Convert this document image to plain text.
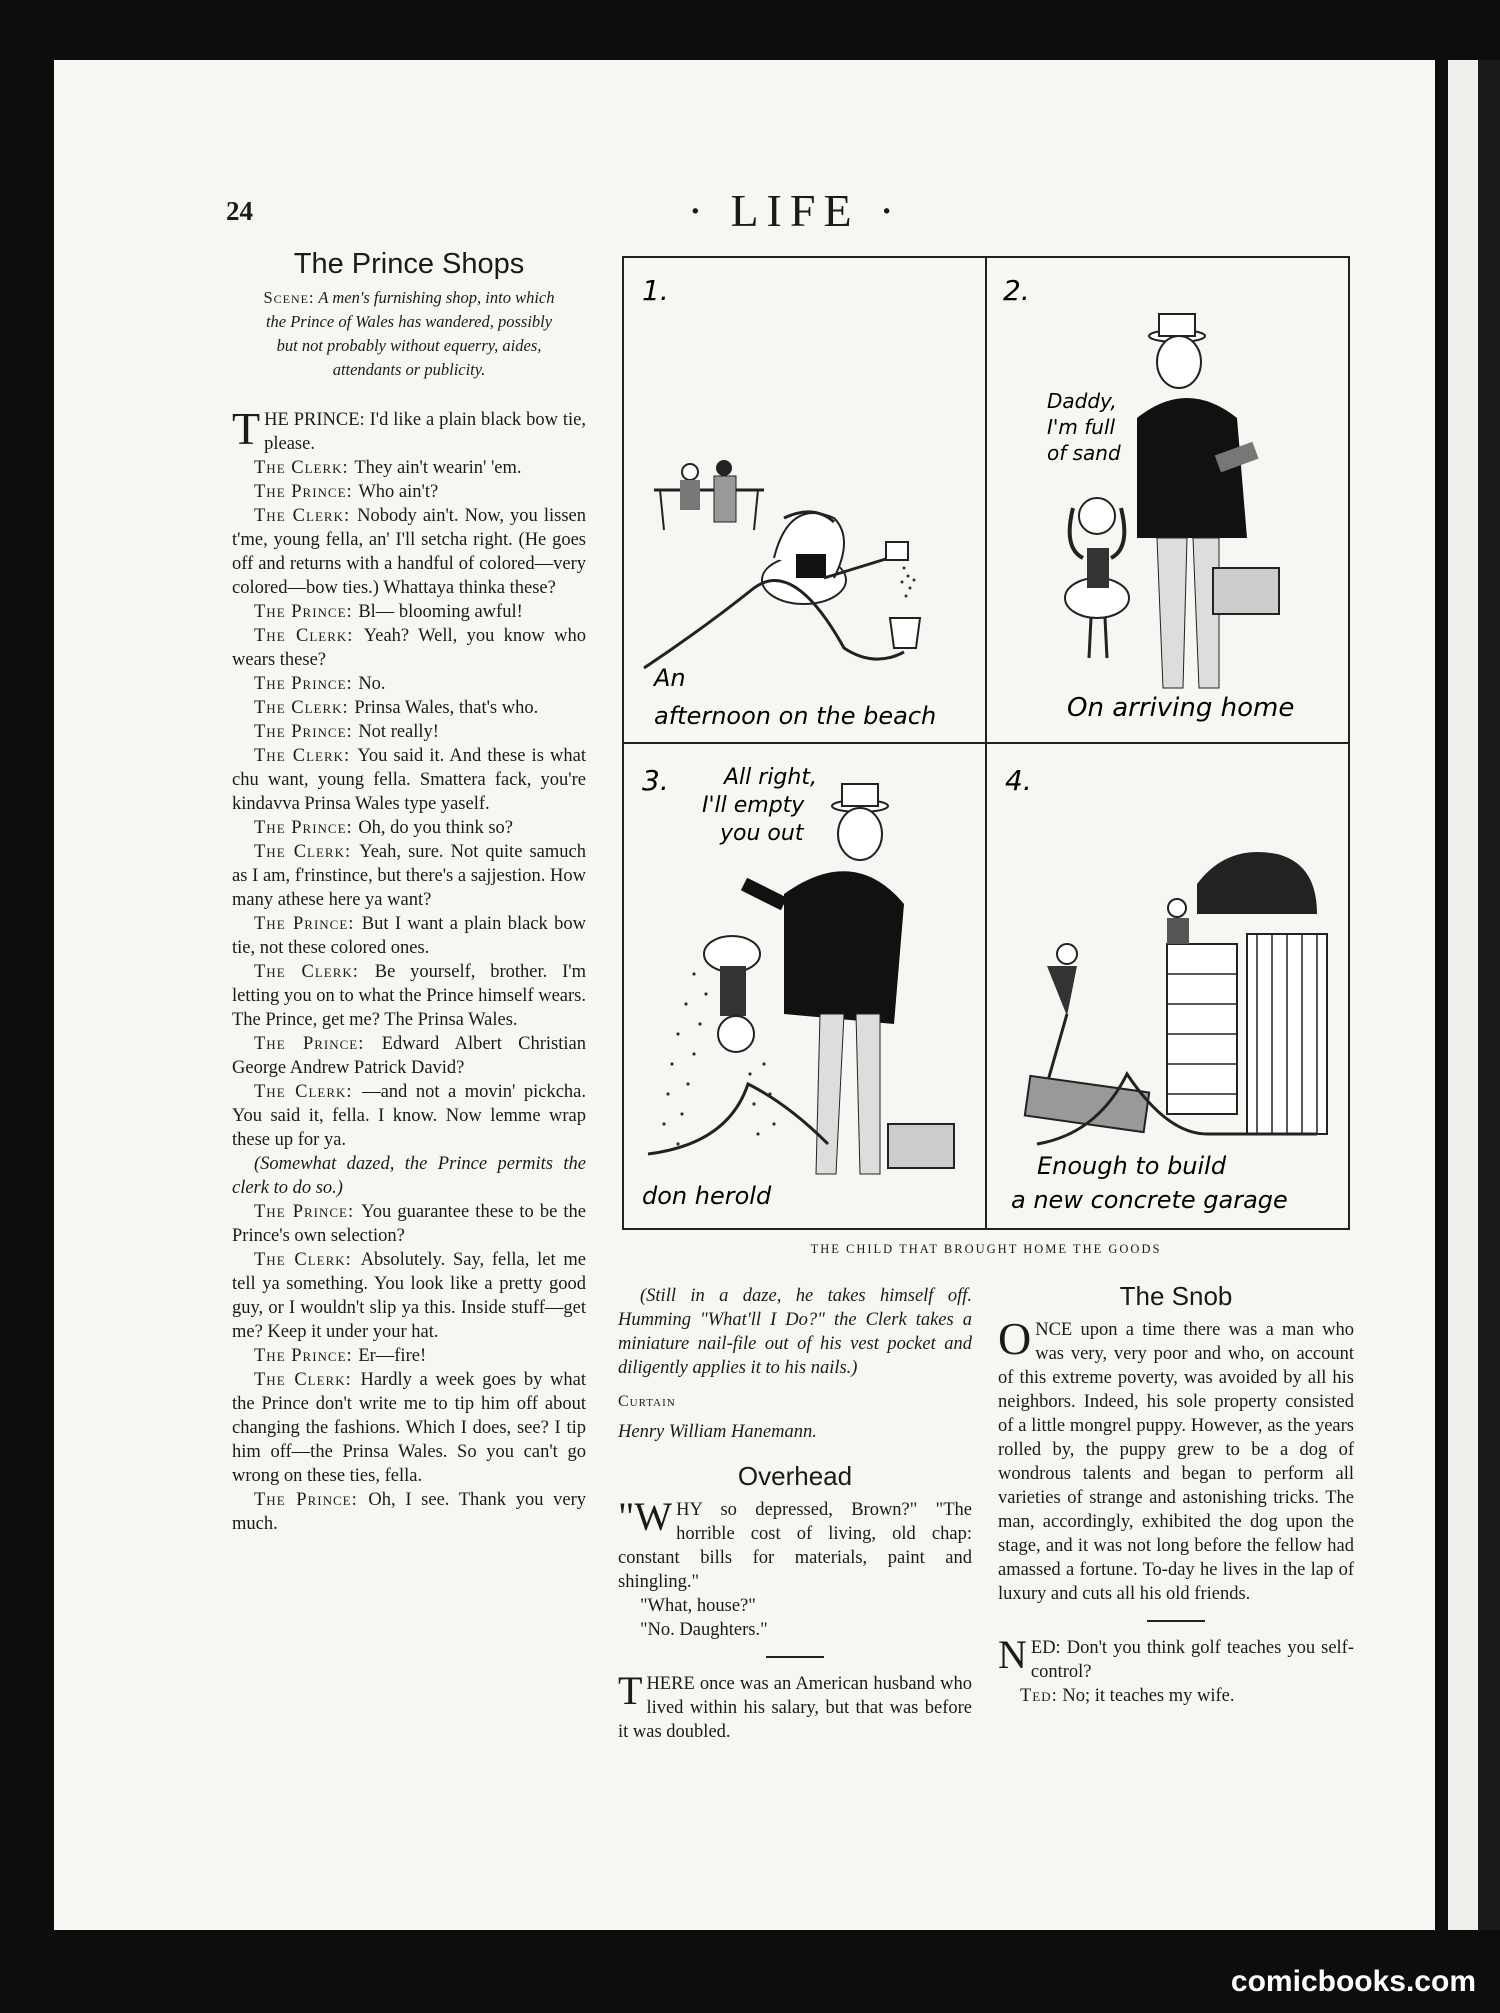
24	· LIFE ·
The Prince Shops
Scene: A men's furnishing shop, into which the Prince of Wales has wandered, possibly but not probably without equerry, aides, attendants or publicity.

THE PRINCE: I'd like a plain black bow tie, please.

The Clerk: They ain't wearin' 'em.

The Prince: Who ain't?

The Clerk: Nobody ain't. Now, you lissen t'me, young fella, an' I'll setcha right. (He goes off and returns with a handful of colored—very colored—bow ties.) Whattaya thinka these?

The Prince: Bl— blooming awful!

The Clerk: Yeah? Well, you know who wears these?

The Prince: No.

The Clerk: Prinsa Wales, that's who.

The Prince: Not really!

The Clerk: You said it. And these is what chu want, young fella. Smattera fack, you're kindavva Prinsa Wales type yaself.

The Prince: Oh, do you think so?

The Clerk: Yeah, sure. Not quite samuch as I am, f'rinstince, but there's a sajjestion. How many athese here ya want?

The Prince: But I want a plain black bow tie, not these colored ones.

The Clerk: Be yourself, brother. I'm letting you on to what the Prince himself wears. The Prince, get me? The Prinsa Wales.

The Prince: Edward Albert Christian George Andrew Patrick David?

The Clerk: —and not a movin' pickcha. You said it, fella. I know. Now lemme wrap these up for ya.

(Somewhat dazed, the Prince permits the clerk to do so.)

The Prince: You guarantee these to be the Prince's own selection?

The Clerk: Absolutely. Say, fella, let me tell ya something. You look like a pretty good guy, or I wouldn't slip ya this. Inside stuff—get me? Keep it under your hat.

The Prince: Er—fire!

The Clerk: Hardly a week goes by what the Prince don't write me to tip him off about changing the fashions. Which I does, see? I tip him off—the Prinsa Wales. So you can't go wrong on these ties, fella.

The Prince: Oh, I see. Thank you very much.

1.
An
afternoon on the beach
2.
Daddy,
I'm full
of sand
On arriving home
3.	All right,
I'll empty
you out
don herold
4.
Enough to build
a new concrete garage
THE CHILD THAT BROUGHT HOME THE GOODS

(Still in a daze, he takes himself off. Humming "What'll I Do?" the Clerk takes a miniature nail-file out of his vest pocket and diligently applies it to his nails.)

Curtain

Henry William Hanemann.

Overhead

"WHY so depressed, Brown?" "The horrible cost of living, old chap: constant bills for materials, paint and shingling."

"What, house?"

"No. Daughters."

THERE once was an American husband who lived within his salary, but that was before it was doubled.

The Snob

ONCE upon a time there was a man who was very, very poor and who, on account of this extreme poverty, was avoided by all his neighbors. Indeed, his sole property consisted of a little mongrel puppy. However, as the years rolled by, the puppy grew to be a dog of wondrous talents and began to perform all varieties of strange and astonishing tricks. The man, accordingly, exhibited the dog upon the stage, and it was not long before the fellow had amassed a fortune. To-day he lives in the lap of luxury and cuts all his old friends.

NED: Don't you think golf teaches you self-control?

Ted: No; it teaches my wife.

comicbooks.com
